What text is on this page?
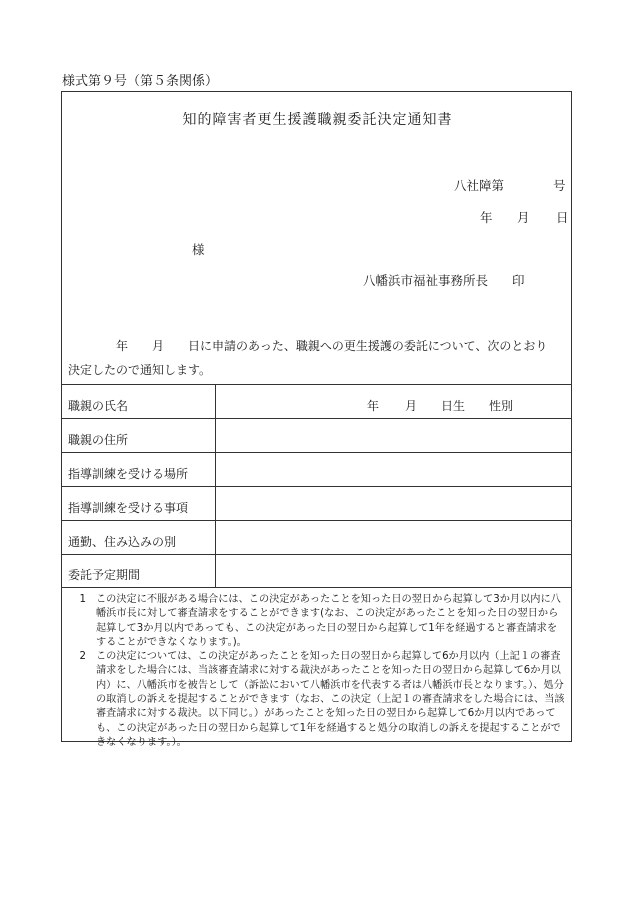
様式第９号（第５条関係）
知的障害者更生援護職親委託決定通知書
八社障第	号
年 月 日
様
八幡浜市福祉事務所長 印
年 月 日に申請のあった、職親への更生援護の委託について、次のとおり
決定したので通知します。
職親の氏名	年 月 日生 性別
職親の住所
指導訓練を受ける場所
指導訓練を受ける事項
通勤、住み込みの別
委託予定期間
1 この決定に不服がある場合には、この決定があったことを知った日の翌日から起算して3か月以内に八幡浜市長に対して審査請求をすることができます(なお、この決定があったことを知った日の翌日から起算して3か月以内であっても、この決定があった日の翌日から起算して1年を経過すると審査請求をすることができなくなります。)。
2 この決定については、この決定があったことを知った日の翌日から起算して6か月以内（上記１の審査請求をした場合には、当該審査請求に対する裁決があったことを知った日の翌日から起算して6か月以内）に、八幡浜市を被告として（訴訟において八幡浜市を代表する者は八幡浜市長となります。）、処分の取消しの訴えを提起することができます（なお、この決定（上記１の審査請求をした場合には、当該審査請求に対する裁決。以下同じ。）があったことを知った日の翌日から起算して6か月以内であっても、この決定があった日の翌日から起算して1年を経過すると処分の取消しの訴えを提起することができなくなります。）。
